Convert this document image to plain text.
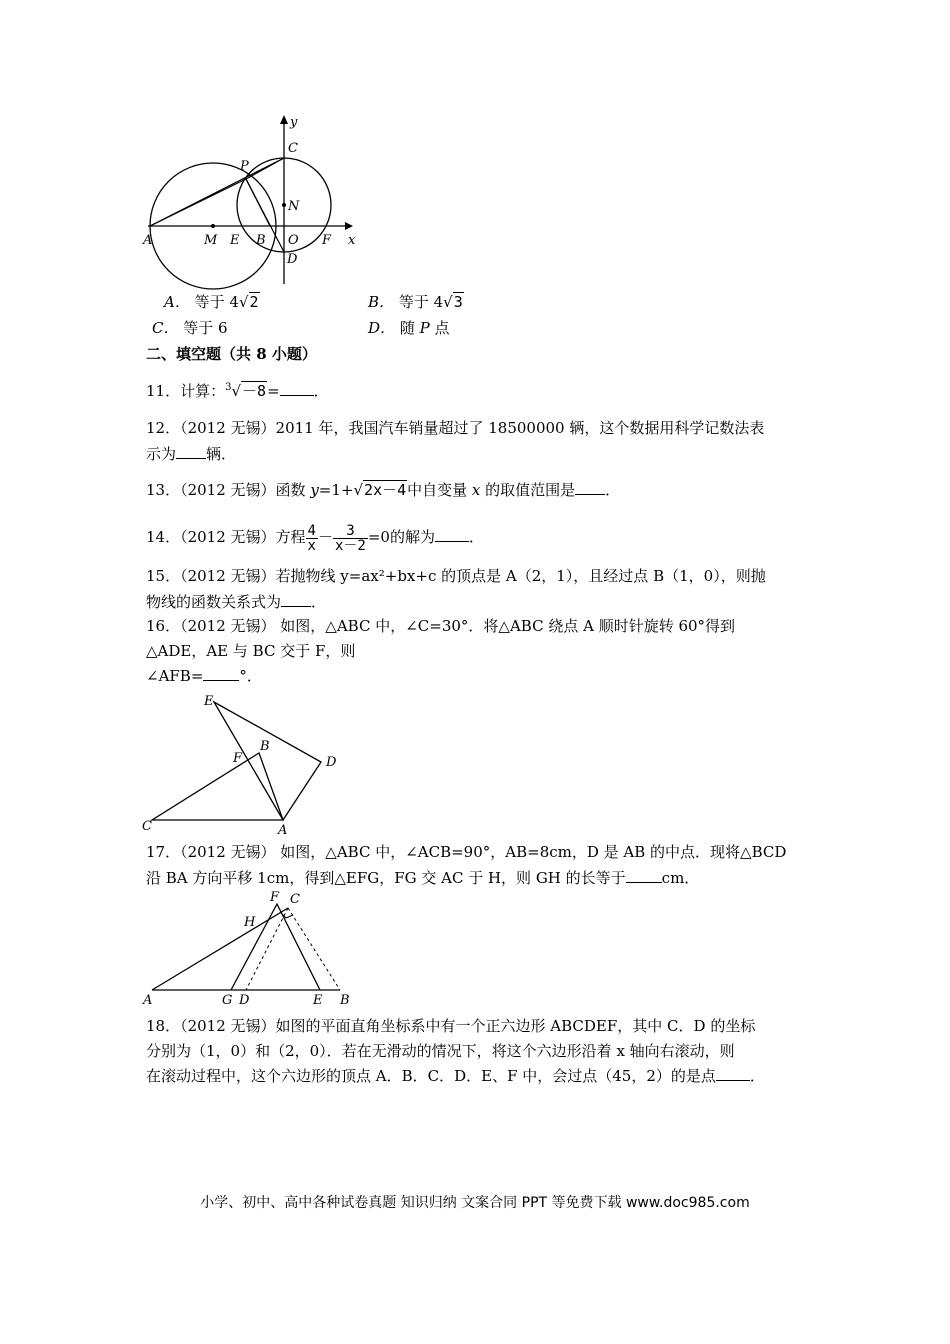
y
C
P
N
A	M E B O F x
D
A． 等于 4√2	B． 等于 4√3
C． 等于 6	D． 随 P 点
二、填空题（共 8 小题）
11．计算：$^3$√－8= ．
12．（2012 无锡）2011 年，我国汽车销量超过了 18500000 辆，这个数据用科学记数法表
示为 辆．
13．（2012 无锡）函数 y=1+√2x－4中自变量 x 的取值范围是 ．
14．（2012 无锡）方程 $\frac{4}{x} - \frac{3}{x-2} =0$的解为 ．
15．（2012 无锡）若抛物线 y=ax²+bx+c 的顶点是 A（2，1），且经过点 B（1，0），则抛
物线的函数关系式为 ．
16．（2012 无锡） 如图，△ABC 中，∠C=30°．将△ABC 绕点 A 顺时针旋转 60°得到
△ADE，AE 与 BC 交于 F，则
∠AFB= °．
E
B
F	D
C	A
17．（2012 无锡） 如图，△ABC 中，∠ACB=90°，AB=8cm，D 是 AB 的中点．现将△BCD
沿 BA 方向平移 1cm，得到△EFG，FG 交 AC 于 H，则 GH 的长等于 cm．
F C
H
A	G D	E B
18．（2012 无锡）如图的平面直角坐标系中有一个正六边形 ABCDEF，其中 C．D 的坐标
分别为（1，0）和（2，0）．若在无滑动的情况下，将这个六边形沿着 x 轴向右滚动，则
在滚动过程中，这个六边形的顶点 A．B．C．D．E、F 中，会过点（45，2）的是点 ．
小学、初中、高中各种试卷真题 知识归纳 文案合同 PPT 等免费下载 www.doc985.com
